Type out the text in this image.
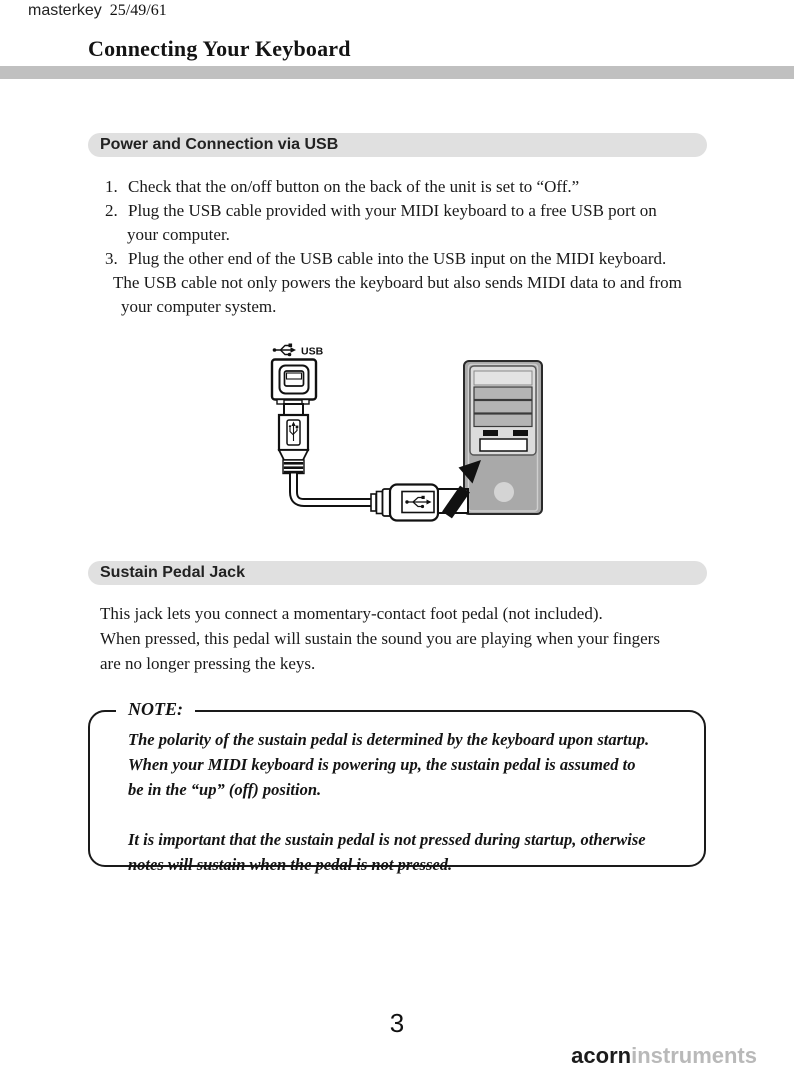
masterkey 25/49/61
Connecting Your Keyboard
Power and Connection via USB
1. Check that the on/off button on the back of the unit is set to “Off.”
2. Plug the USB cable provided with your MIDI keyboard to a free USB port on
your computer.
3. Plug the other end of the USB cable into the USB input on the MIDI keyboard.
The USB cable not only powers the keyboard but also sends MIDI data to and from
your computer system.
USB
Sustain Pedal Jack
This jack lets you connect a momentary-contact foot pedal (not included).
When pressed, this pedal will sustain the sound you are playing when your fingers
are no longer pressing the keys.
NOTE:
The polarity of the sustain pedal is determined by the keyboard upon startup.
When your MIDI keyboard is powering up, the sustain pedal is assumed to
be in the “up” (off) position.
It is important that the sustain pedal is not pressed during startup, otherwise
notes will sustain when the pedal is not pressed.
3
acorninstruments
